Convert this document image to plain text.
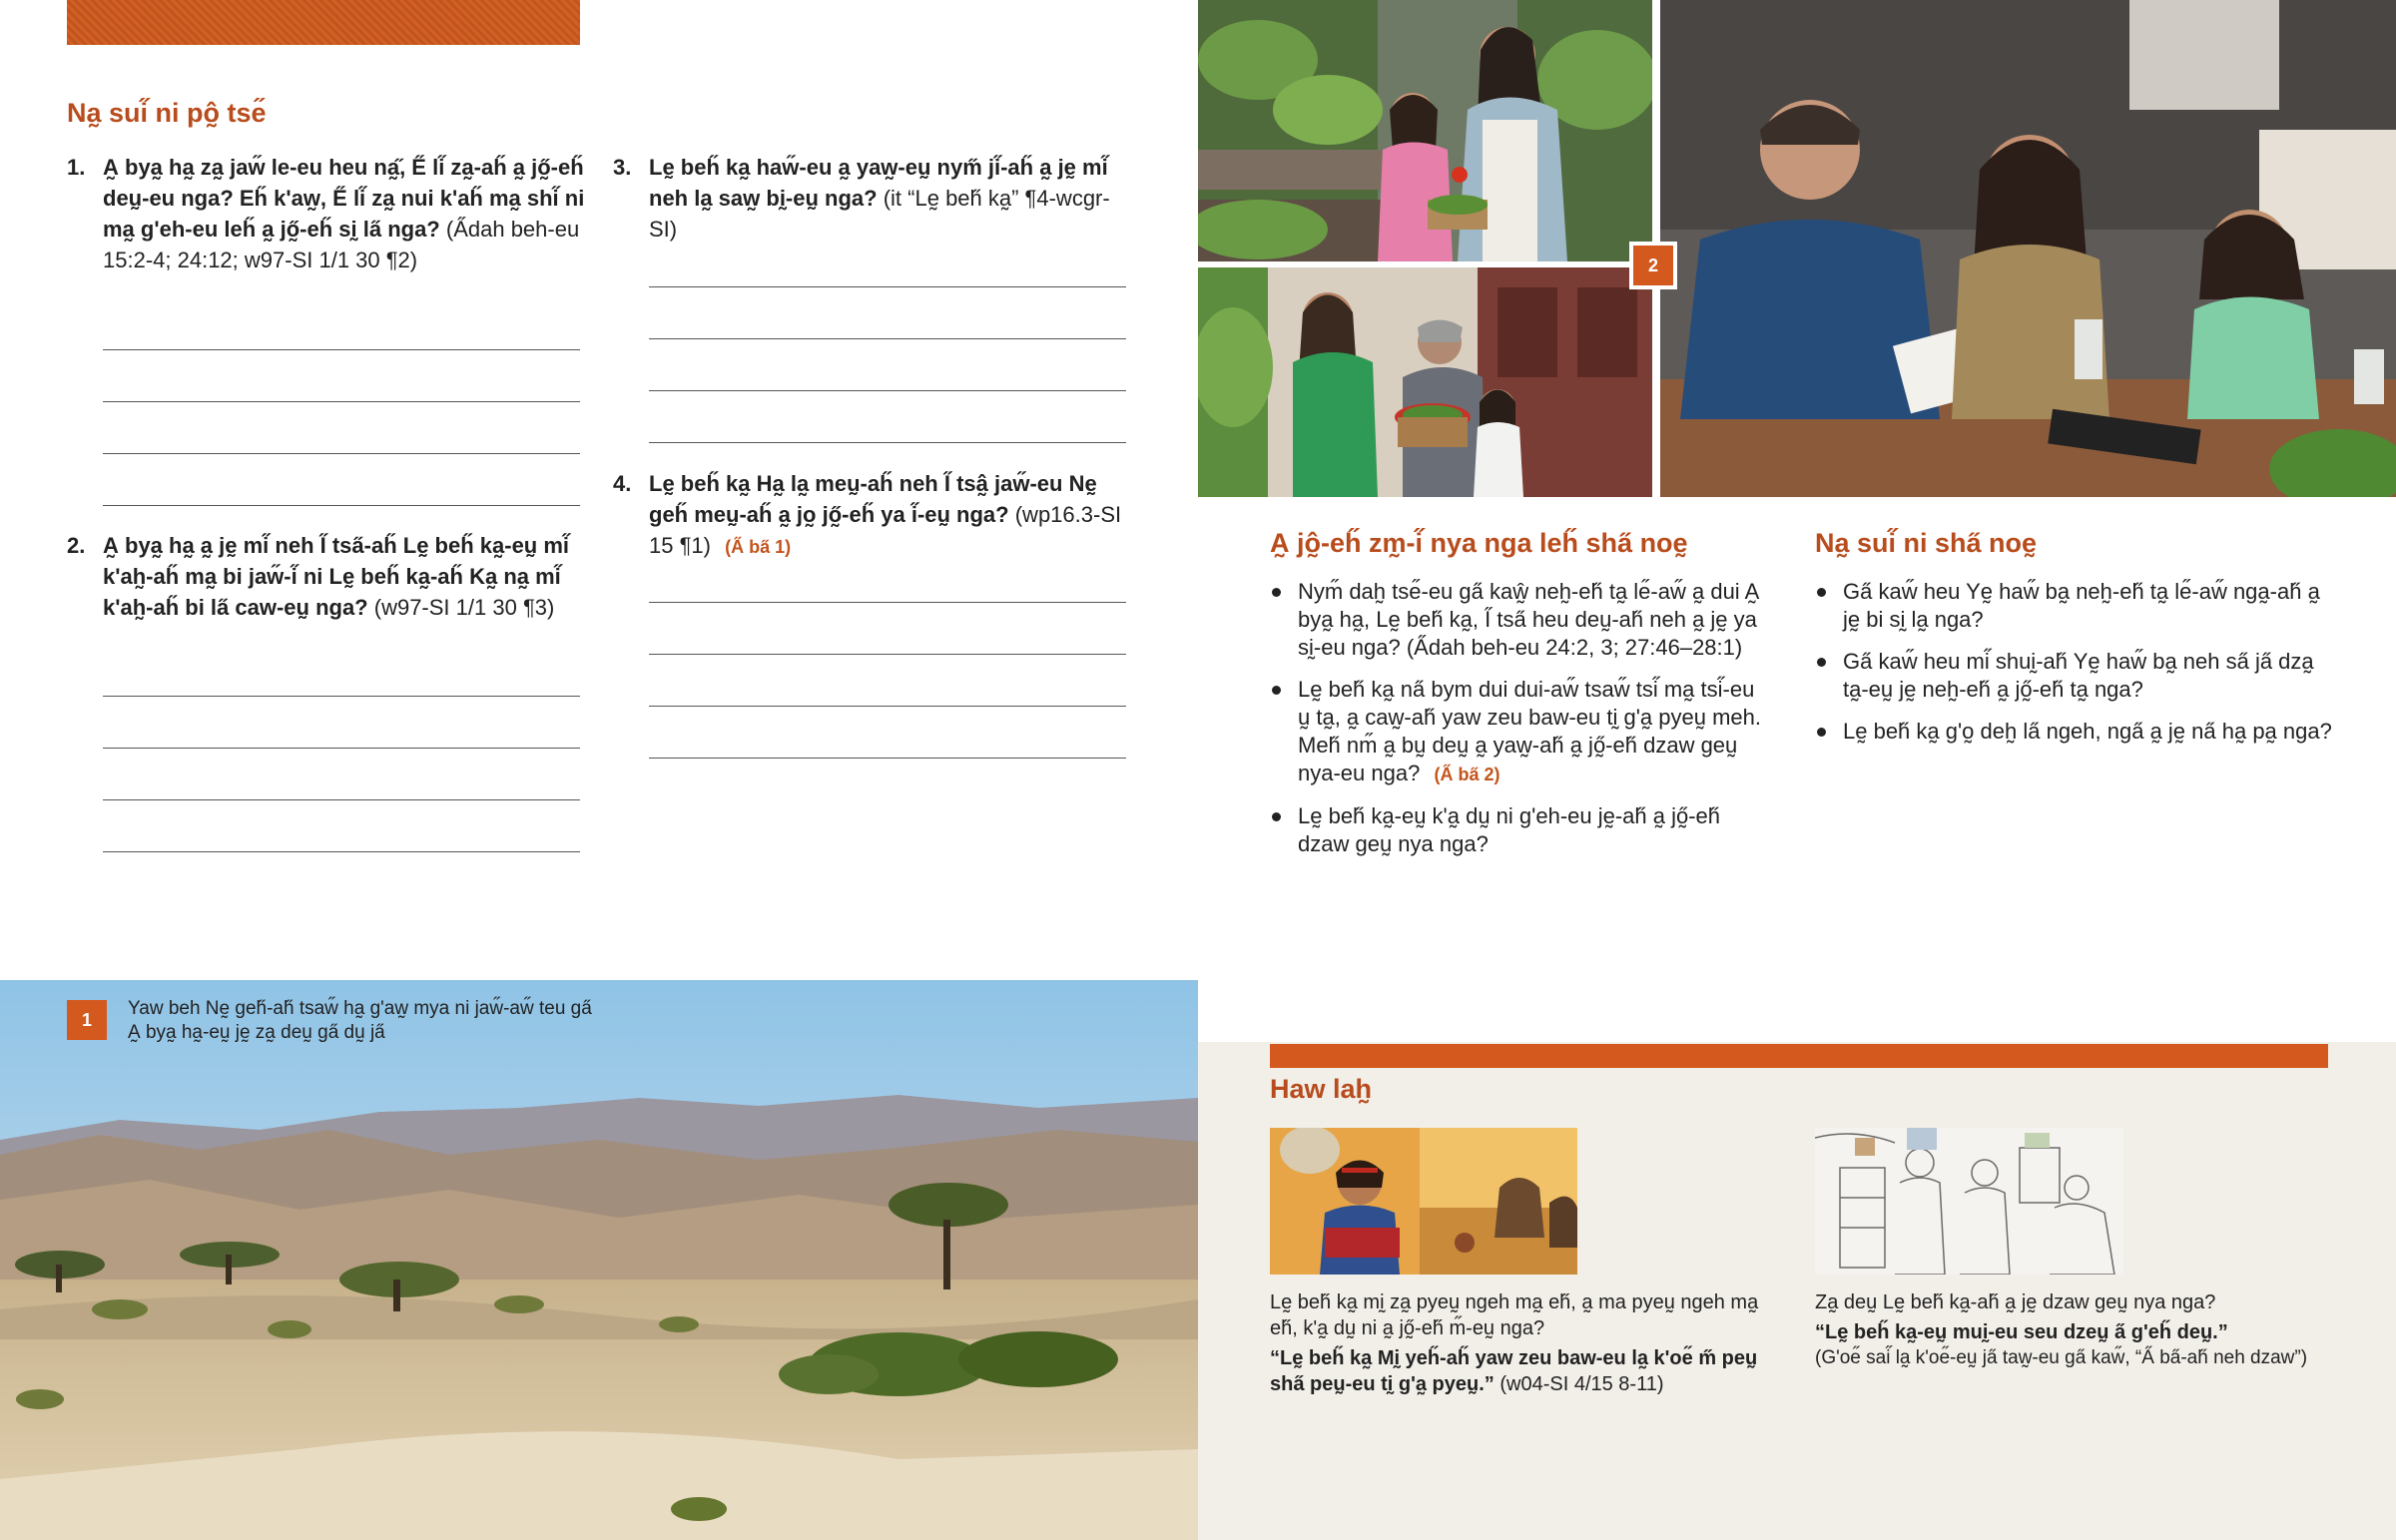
Na̰ sui̋ ni pô̰ tse̋
1. A̰ bya̰ ha̰ za̰ jaw̋ le-eu heu na̰̋, E̋ li̋ za̰-ah̋ a̰ jő̰-eh̋ deṵ-eu nga? Eh̋ k'aw̰, E̋ li̋ za̰ nui k'ah̋ ma̰ shi̋ ni ma̰ g'eh-eu leh̋ a̰ jő̰-eh̋ sḭ la̋ nga? (A̋dah beh-eu 15:2-4; 24:12; w97-SI 1/1 30 ¶2)
2. A̰ bya̰ ha̰ a̰ jḛ mi̋ neh I̋ tsa̋-ah̋ Lḛ beh̋ ka̰-eṵ mi̋ k'ah̰-ah̋ ma̰ bi jaw̋-i̋ ni Lḛ beh̋ ka̰-ah̋ Ka̰ na̰ mi̋ k'ah̰-ah̋ bi la̋ caw-eṵ nga? (w97-SI 1/1 30 ¶3)
3. Lḛ beh̋ ka̰ haw̋-eu a̰ yaw̰-eṵ nym̋ ji̋-ah̋ a̰ jḛ mi̋ neh la̰ saw̰ bḭ-eṵ nga? (it “Lḛ beh̋ ka̰” ¶4-wcgr-SI)
4. Lḛ beh̋ ka̰ Ha̰ la̰ meṵ-ah̋ neh I̋ tsâ̰ jaw̋-eu Nḛ geh̋ meṵ-ah̋ a̰ jo̰ jő̰-eh̋ ya i̋-eṵ nga? (wp16.3-SI 15 ¶1) (A̋ ba̋ 1)
1
Yaw beh Nḛ geh̋-ah̋ tsaw̋ ha̰ g'aw̰ mya ni jaw̋-aw̋ teu ga̋ A̰ bya̰ ha̰-eṵ jḛ za̰ deṵ ga̋ dṵ ja̋
2
A̰ jô̰-eh̋ zm̰-i̋ nya nga leh̋ sha̋ noḛ
Nym̋ dah̰ tse̋-eu ga̋ kaŵ̰ neh̰-eh̋ ta̰ le̋-aw̋ a̰ dui A̰ bya̰ ha̰, Lḛ beh̋ ka̰, I̋ tsa̋ heu deṵ-ah̋ neh a̰ jḛ ya sḭ-eu nga? (A̋dah beh-eu 24:2, 3; 27:46–28:1)
Lḛ beh̋ ka̰ na̋ bym dui dui-aw̋ tsaw̋ tsi̋ ma̰ tsi̋-eu ṵ ta̰, a̰ caw̰-ah̋ yaw zeu baw-eu tḭ g'a̰ pyeṵ meh. Meh̋ nm̋ a̰ bṵ deṵ a̰ yaw̰-ah̋ a̰ jő̰-eh̋ dzaw geṵ nya-eu nga? (A̋ ba̋ 2)
Lḛ beh̋ ka̰-eṵ k'a̰ dṵ ni g'eh-eu jḛ-ah̋ a̰ jő̰-eh̋ dzaw geṵ nya nga?
Na̰ sui̋ ni sha̋ noḛ
Ga̋ kaw̋ heu Yḛ haw̋ ba̰ neh̰-eh̋ ta̰ le̋-aw̋ nga̰-ah̋ a̰ jḛ bi sḭ la̰ nga?
Ga̋ kaw̋ heu mi̋ shuḭ-ah̋ Yḛ haw̋ ba̰ neh sa̋ ja̋ dza̰ ta̰-eṵ jḛ neh̰-eh̋ a̰ jő̰-eh̋ ta̰ nga?
Lḛ beh̋ ka̰ g'o̰ deh̰ la̋ ngeh, nga̋ a̰ jḛ na̋ ha̰ pa̰ nga?
Haw lah̰
Lḛ beh̋ ka̰ mḭ za̰ pyeṵ ngeh ma̰ eh̋, a̰ ma pyeṵ ngeh ma̰ eh̋, k'a̰ dṵ ni a̰ jő̰-eh̋ m̋-eṵ nga?
“Lḛ beh̋ ka̰ Mḭ yeh̋-ah̋ yaw zeu baw-eu la̰ k'oe̋ m̋ peṵ sha̋ peṵ-eu tḭ g'a̰ pyeṵ.” (w04-SI 4/15 8-11)
Za̰ deṵ Lḛ beh̋ ka̰-ah̋ a̰ jḛ dzaw geṵ nya nga?
“Lḛ beh̋ ka̰-eṵ muḭ-eu seu dzeṵ a̋ g'eh̋ deṵ.”
(G'oe̋ sai̋ la̰ k'oe̋-eṵ ja̋ taw̰-eu ga̋ kaw̋, “A̋ ba̋-ah̋ neh dzaw”)
